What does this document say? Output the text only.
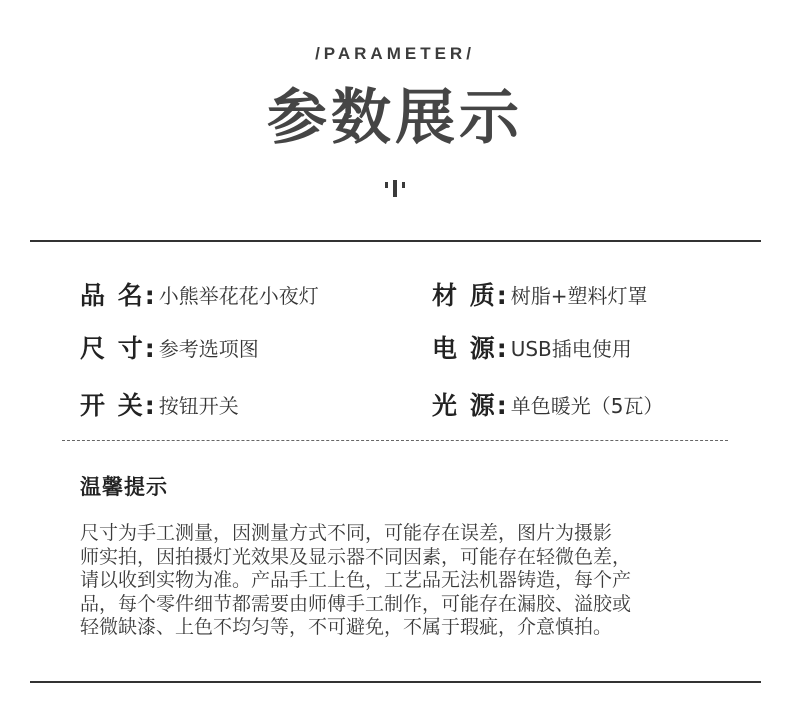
/PARAMETER/
参数展示
品 名: 小熊举花花小夜灯	材 质: 树脂+塑料灯罩
尺 寸: 参考选项图	电 源: USB插电使用
开 关: 按钮开关	光 源: 单色暖光（5瓦）
温馨提示
尺寸为手工测量，因测量方式不同，可能存在误差，图片为摄影
师实拍，因拍摄灯光效果及显示器不同因素，可能存在轻微色差，
请以收到实物为准。产品手工上色，工艺品无法机器铸造，每个产
品，每个零件细节都需要由师傅手工制作，可能存在漏胶、溢胶或
轻微缺漆、上色不均匀等，不可避免，不属于瑕疵，介意慎拍。
